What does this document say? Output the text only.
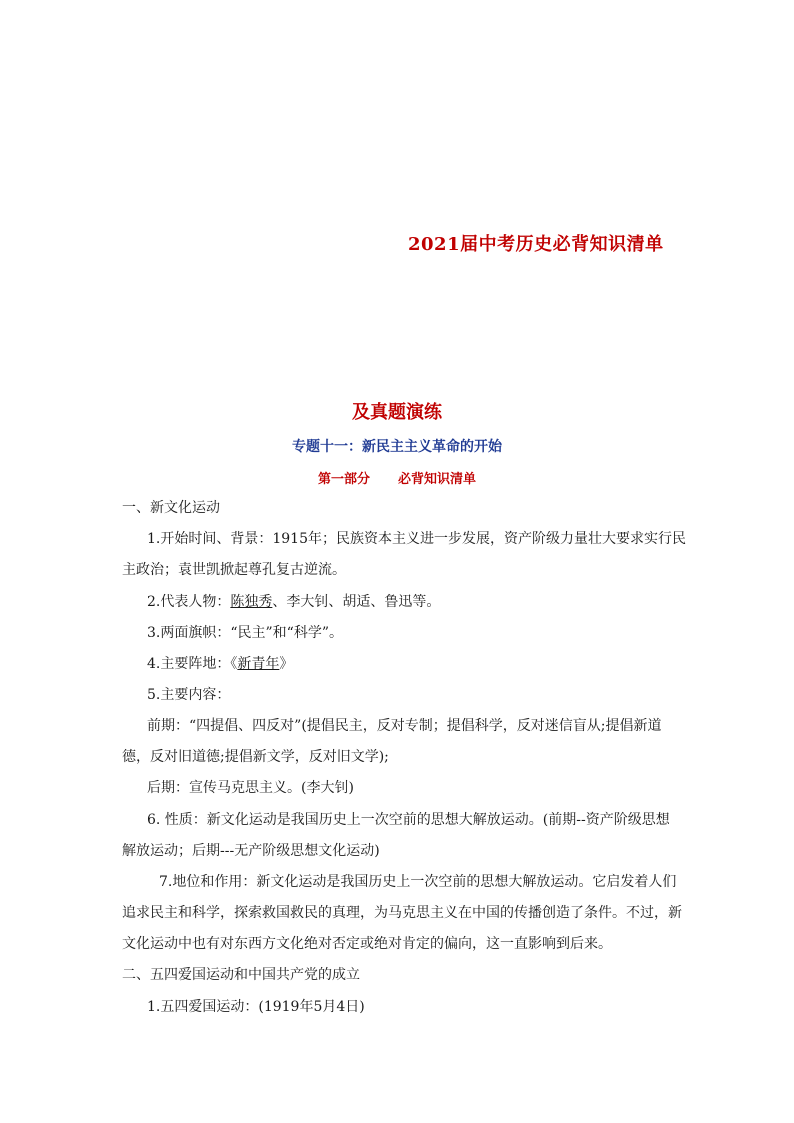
2021届中考历史必背知识清单
及真题演练
专题十一：新民主主义革命的开始
第一部分 必背知识清单
一、新文化运动
1.开始时间、背景：1915年；民族资本主义进一步发展，资产阶级力量壮大要求实行民
主政治；袁世凯掀起尊孔复古逆流。
2.代表人物：陈独秀、李大钊、胡适、鲁迅等。
3.两面旗帜：“民主”和“科学”。
4.主要阵地：《新青年》
5.主要内容：
前期：“四提倡、四反对”(提倡民主，反对专制；提倡科学，反对迷信盲从;提倡新道
德，反对旧道德;提倡新文学，反对旧文学);
后期：宣传马克思主义。(李大钊)
6. 性质：新文化运动是我国历史上一次空前的思想大解放运动。(前期--资产阶级思想
解放运动；后期---无产阶级思想文化运动)
7.地位和作用：新文化运动是我国历史上一次空前的思想大解放运动。它启发着人们
追求民主和科学，探索救国救民的真理，为马克思主义在中国的传播创造了条件。不过，新
文化运动中也有对东西方文化绝对否定或绝对肯定的偏向，这一直影响到后来。
二、五四爱国运动和中国共产党的成立
1.五四爱国运动：(1919年5月4日)
